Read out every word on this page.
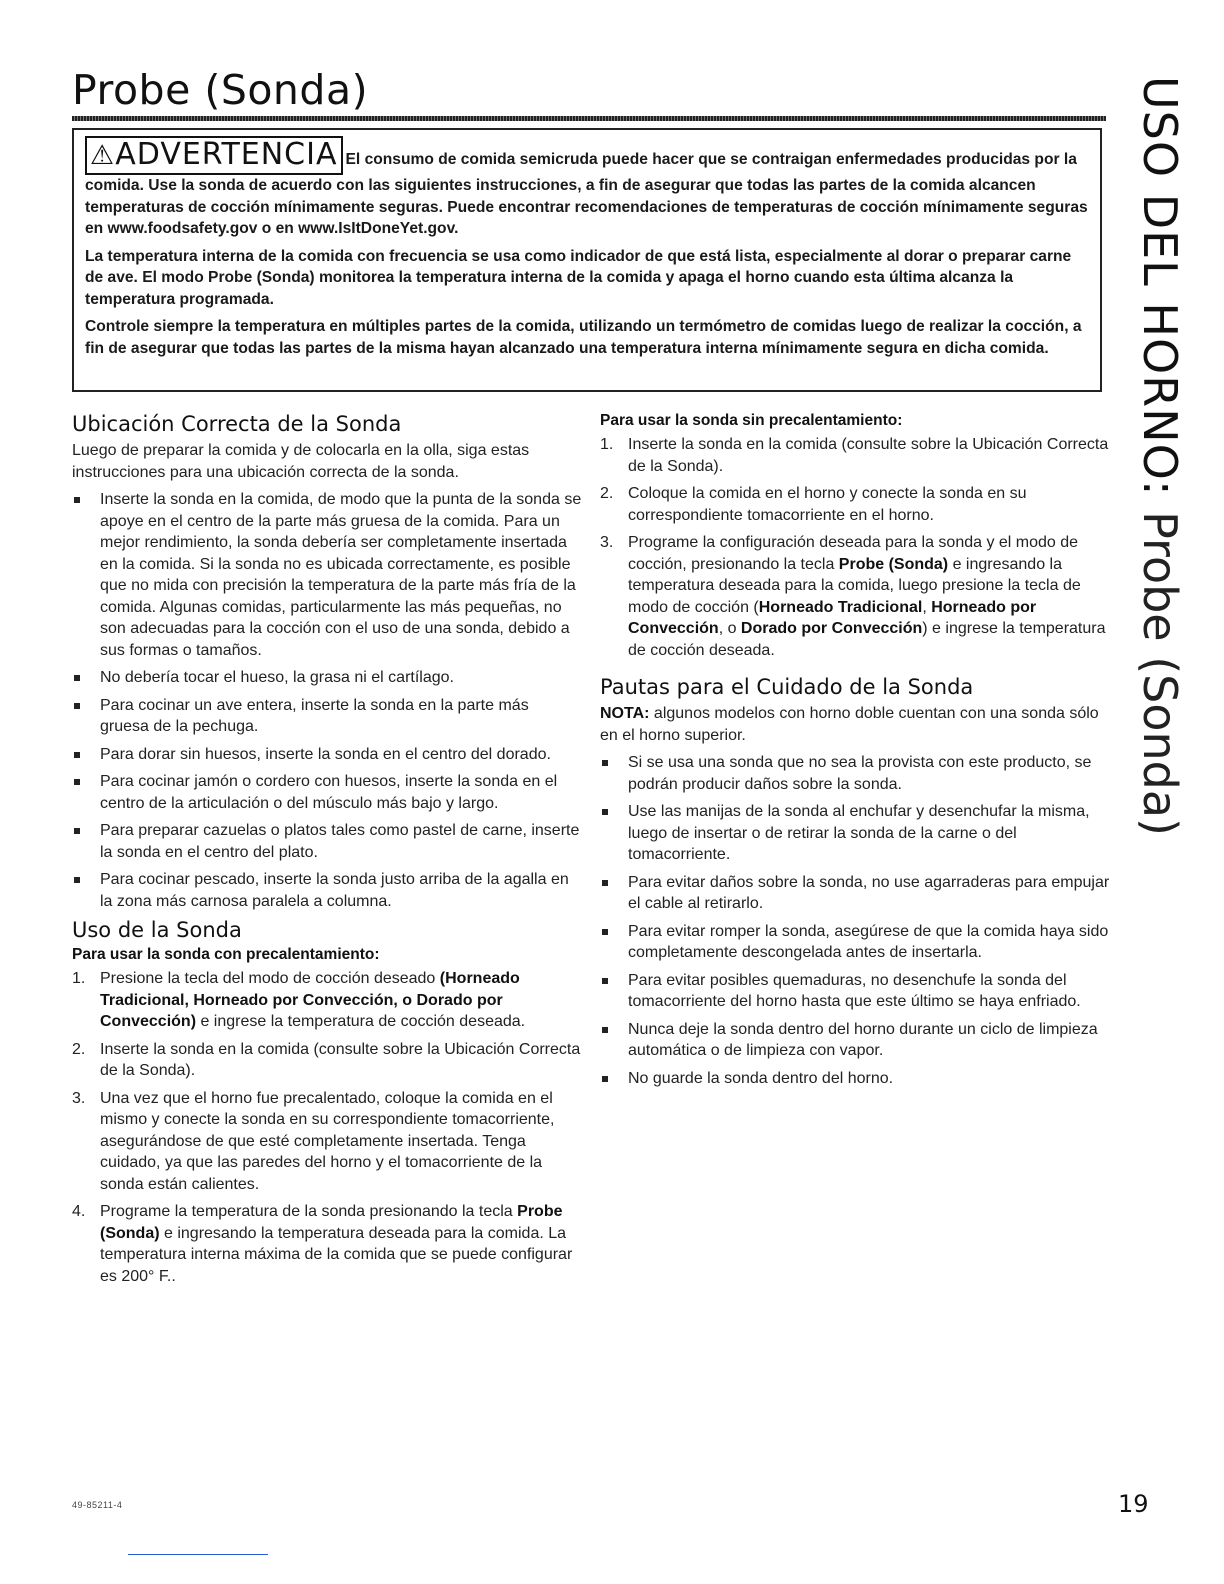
Probe (Sonda)

⚠ADVERTENCIA El consumo de comida semicruda puede hacer que se contraigan enfermedades producidas por la comida. Use la sonda de acuerdo con las siguientes instrucciones, a fin de asegurar que todas las partes de la comida alcancen temperaturas de cocción mínimamente seguras. Puede encontrar recomendaciones de temperaturas de cocción mínimamente seguras en www.foodsafety.gov o en www.IsItDoneYet.gov.

La temperatura interna de la comida con frecuencia se usa como indicador de que está lista, especialmente al dorar o preparar carne de ave. El modo Probe (Sonda) monitorea la temperatura interna de la comida y apaga el horno cuando esta última alcanza la temperatura programada.

Controle siempre la temperatura en múltiples partes de la comida, utilizando un termómetro de comidas luego de realizar la cocción, a fin de asegurar que todas las partes de la misma hayan alcanzado una temperatura interna mínimamente segura en dicha comida.

Ubicación Correcta de la Sonda

Luego de preparar la comida y de colocarla en la olla, siga estas instrucciones para una ubicación correcta de la sonda.

Inserte la sonda en la comida, de modo que la punta de la sonda se apoye en el centro de la parte más gruesa de la comida. Para un mejor rendimiento, la sonda debería ser completamente insertada en la comida. Si la sonda no es ubicada correctamente, es posible que no mida con precisión la temperatura de la parte más fría de la comida. Algunas comidas, particularmente las más pequeñas, no son adecuadas para la cocción con el uso de una sonda, debido a sus formas o tamaños.
No debería tocar el hueso, la grasa ni el cartílago.
Para cocinar un ave entera, inserte la sonda en la parte más gruesa de la pechuga.
Para dorar sin huesos, inserte la sonda en el centro del dorado.
Para cocinar jamón o cordero con huesos, inserte la sonda en el centro de la articulación o del músculo más bajo y largo.
Para preparar cazuelas o platos tales como pastel de carne, inserte la sonda en el centro del plato.
Para cocinar pescado, inserte la sonda justo arriba de la agalla en la zona más carnosa paralela a columna.
Uso de la Sonda
Para usar la sonda con precalentamiento:
1. Presione la tecla del modo de cocción deseado (Horneado Tradicional, Horneado por Convección, o Dorado por Convección) e ingrese la temperatura de cocción deseada.
2. Inserte la sonda en la comida (consulte sobre la Ubicación Correcta de la Sonda).
3. Una vez que el horno fue precalentado, coloque la comida en el mismo y conecte la sonda en su correspondiente tomacorriente, asegurándose de que esté completamente insertada. Tenga cuidado, ya que las paredes del horno y el tomacorriente de la sonda están calientes.
4. Programe la temperatura de la sonda presionando la tecla Probe (Sonda) e ingresando la temperatura deseada para la comida. La temperatura interna máxima de la comida que se puede configurar es 200° F..
Para usar la sonda sin precalentamiento:
1. Inserte la sonda en la comida (consulte sobre la Ubicación Correcta de la Sonda).
2. Coloque la comida en el horno y conecte la sonda en su correspondiente tomacorriente en el horno.
3. Programe la configuración deseada para la sonda y el modo de cocción, presionando la tecla Probe (Sonda) e ingresando la temperatura deseada para la comida, luego presione la tecla de modo de cocción (Horneado Tradicional, Horneado por Convección, o Dorado por Convección) e ingrese la temperatura de cocción deseada.
Pautas para el Cuidado de la Sonda

NOTA: algunos modelos con horno doble cuentan con una sonda sólo en el horno superior.

Si se usa una sonda que no sea la provista con este producto, se podrán producir daños sobre la sonda.
Use las manijas de la sonda al enchufar y desenchufar la misma, luego de insertar o de retirar la sonda de la carne o del tomacorriente.
Para evitar daños sobre la sonda, no use agarraderas para empujar el cable al retirarlo.
Para evitar romper la sonda, asegúrese de que la comida haya sido completamente descongelada antes de insertarla.
Para evitar posibles quemaduras, no desenchufe la sonda del tomacorriente del horno hasta que este último se haya enfriado.
Nunca deje la sonda dentro del horno durante un ciclo de limpieza automática o de limpieza con vapor.
No guarde la sonda dentro del horno.
USO DEL HORNO: Probe (Sonda)
49-85211-4	19
